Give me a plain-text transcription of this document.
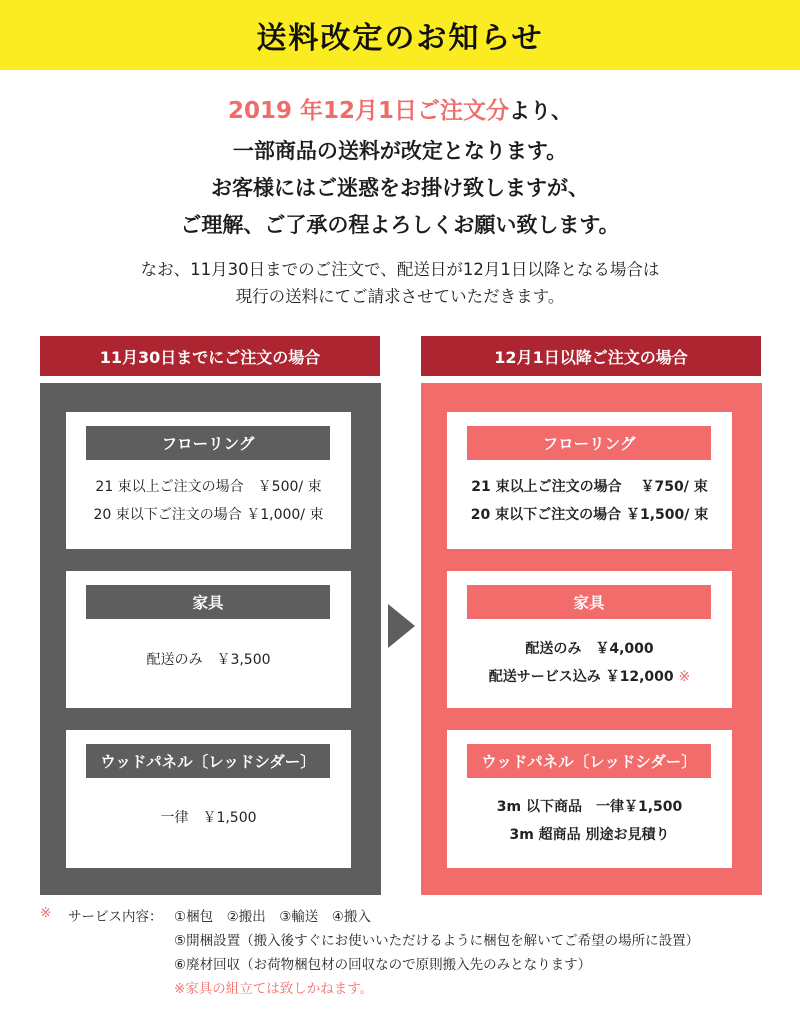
送料改定のお知らせ
2019 年12月1日ご注文分より、
一部商品の送料が改定となります。
お客様にはご迷惑をお掛け致しますが、
ご理解、ご了承の程よろしくお願い致します。
なお、11月30日までのご注文で、配送日が12月1日以降となる場合は
現行の送料にてご請求させていただきます。
11月30日までにご注文の場合	12月1日以降ご注文の場合
フローリング
21 束以上ご注文の場合　￥500/ 束
20 束以下ご注文の場合 ￥1,000/ 束
家具
配送のみ　￥3,500
ウッドパネル〔レッドシダー〕
一律　￥1,500
フローリング
21 束以上ご注文の場合　 ￥750/ 束
20 束以下ご注文の場合 ￥1,500/ 束
家具
配送のみ　￥4,000
配送サービス込み ￥12,000 ※
ウッドパネル〔レッドシダー〕
3m 以下商品　一律￥1,500
3m 超商品 別途お見積り
※ サービス内容： ①梱包　②搬出　③輸送　④搬入
⑤開梱設置（搬入後すぐにお使いいただけるように梱包を解いてご希望の場所に設置）
⑥廃材回収（お荷物梱包材の回収なので原則搬入先のみとなります）
※家具の組立ては致しかねます。
